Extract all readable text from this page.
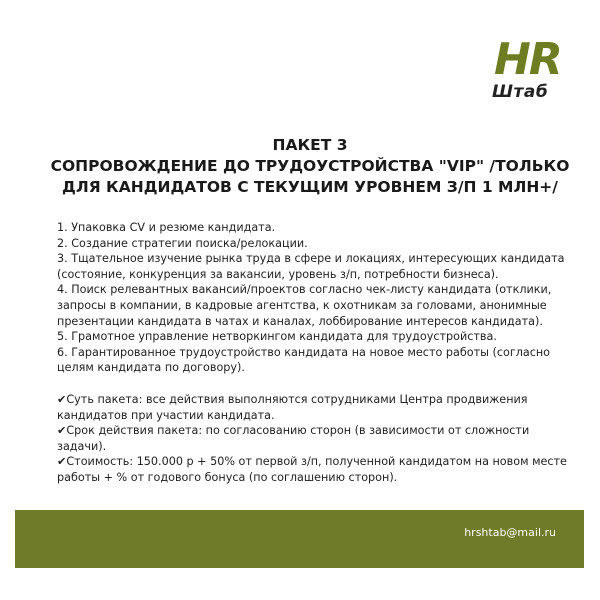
HR
Штаб
ПАКЕТ 3
СОПРОВОЖДЕНИЕ ДО ТРУДОУСТРОЙСТВА "VIP" /ТОЛЬКО
ДЛЯ КАНДИДАТОВ С ТЕКУЩИМ УРОВНЕМ З/П 1 МЛН+/

1. Упаковка CV и резюме кандидата.

2. Создание стратегии поиска/релокации.

3. Тщательное изучение рынка труда в сфере и локациях, интересующих кандидата (состояние, конкуренция за вакансии, уровень з/п, потребности бизнеса).

4. Поиск релевантных вакансий/проектов согласно чек-листу кандидата (отклики, запросы в компании, в кадровые агентства, к охотникам за головами, анонимные презентации кандидата в чатах и каналах, лоббирование интересов кандидата).

5. Грамотное управление нетворкингом кандидата для трудоустройства.

6. Гарантированное трудоустройство кандидата на новое место работы (согласно целям кандидата по договору).

✔Суть пакета: все действия выполняются сотрудниками Центра продвижения кандидатов при участии кандидата.

✔Срок действия пакета: по согласованию сторон (в зависимости от сложности задачи).

✔Стоимость: 150.000 р + 50% от первой з/п, полученной кандидатом на новом месте работы + % от годового бонуса (по соглашению сторон).

hrshtab@mail.ru
